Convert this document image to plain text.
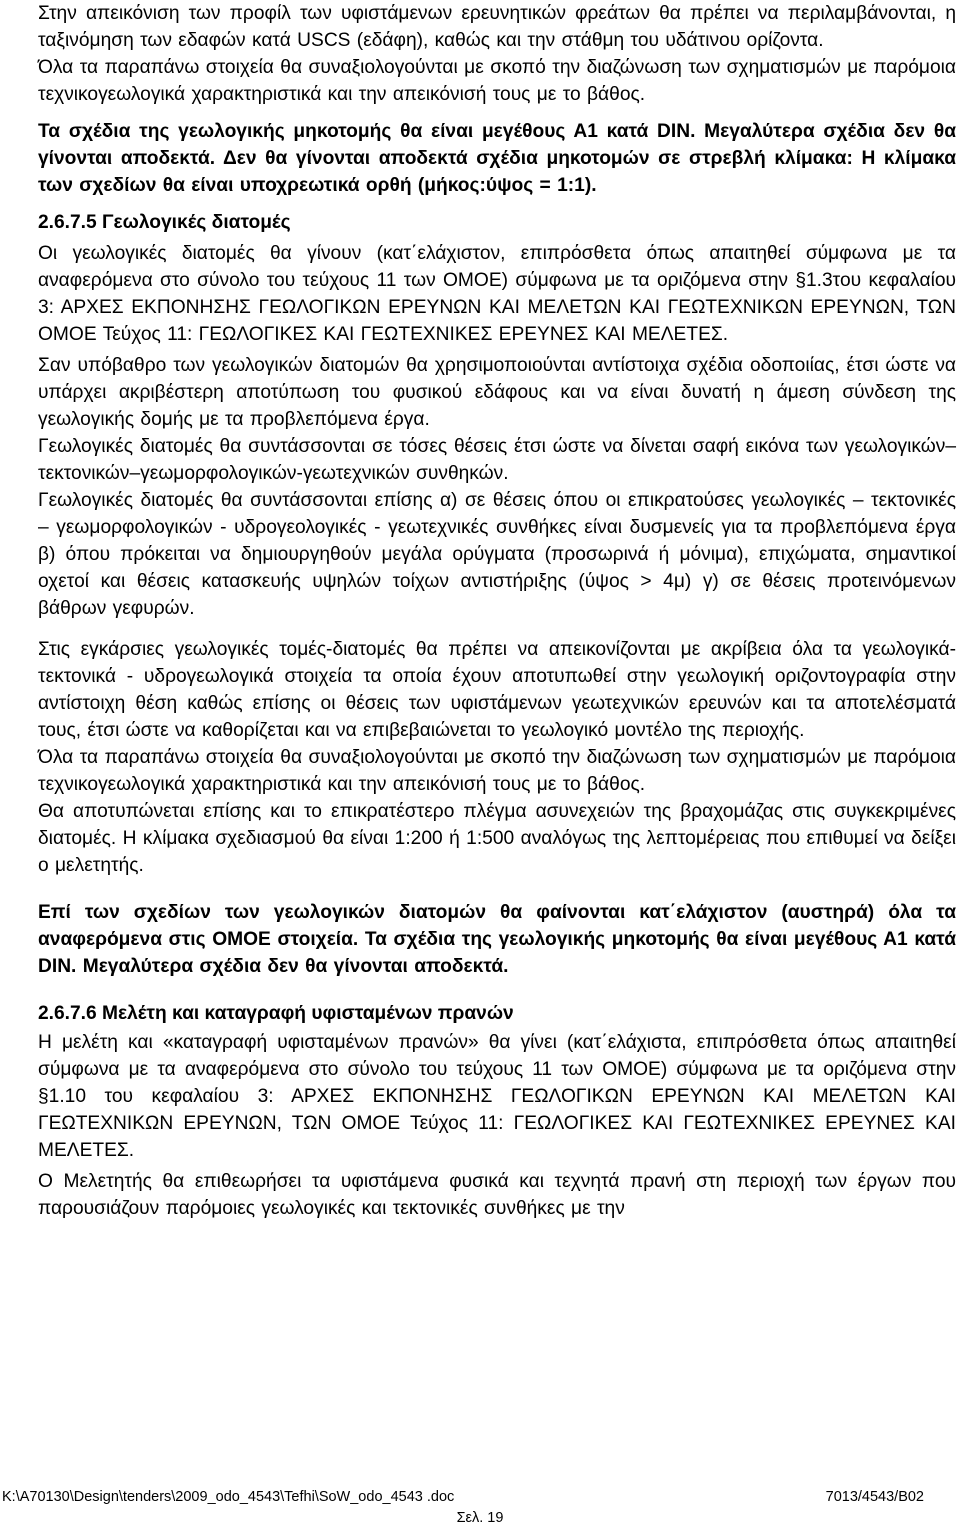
Στην απεικόνιση των προφίλ των υφιστάμενων ερευνητικών φρεάτων θα πρέπει να περιλαμβάνονται, η ταξινόμηση των εδαφών κατά USCS (εδάφη), καθώς και την στάθμη του υδάτινου ορίζοντα.

Όλα τα παραπάνω στοιχεία θα συναξιολογούνται με σκοπό την διαζώνωση των σχηματισμών με παρόμοια τεχνικογεωλογικά χαρακτηριστικά και την απεικόνισή τους με το βάθος.

Τα σχέδια της γεωλογικής μηκοτομής θα είναι μεγέθους Α1 κατά DIN. Μεγαλύτερα σχέδια δεν θα γίνονται αποδεκτά. Δεν θα γίνονται αποδεκτά σχέδια μηκοτομών σε στρεβλή κλίμακα: Η κλίμακα των σχεδίων θα είναι υποχρεωτικά ορθή (μήκος:ύψος = 1:1).

2.6.7.5 Γεωλογικές διατομές

Οι γεωλογικές διατομές θα γίνουν (κατ΄ελάχιστον, επιπρόσθετα όπως απαιτηθεί σύμφωνα με τα αναφερόμενα στο σύνολο του τεύχους 11 των ΟΜΟΕ) σύμφωνα με τα οριζόμενα στην §1.3του κεφαλαίου 3: ΑΡΧΕΣ ΕΚΠΟΝΗΣΗΣ ΓΕΩΛΟΓΙΚΩΝ ΕΡΕΥΝΩΝ ΚΑΙ ΜΕΛΕΤΩΝ ΚΑΙ ΓΕΩΤΕΧΝΙΚΩΝ ΕΡΕΥΝΩΝ, ΤΩΝ ΟΜΟΕ Τεύχος 11: ΓΕΩΛΟΓΙΚΕΣ ΚΑΙ ΓΕΩΤΕΧΝΙΚΕΣ ΕΡΕΥΝΕΣ ΚΑΙ ΜΕΛΕΤΕΣ.

Σαν υπόβαθρο των γεωλογικών διατομών θα χρησιμοποιούνται αντίστοιχα σχέδια οδοποιίας, έτσι ώστε να υπάρχει ακριβέστερη αποτύπωση του φυσικού εδάφους και να είναι δυνατή η άμεση σύνδεση της γεωλογικής δομής με τα προβλεπόμενα έργα.

Γεωλογικές διατομές θα συντάσσονται σε τόσες θέσεις έτσι ώστε να δίνεται σαφή εικόνα των γεωλογικών–τεκτονικών–γεωμορφολογικών-γεωτεχνικών συνθηκών.

Γεωλογικές διατομές θα συντάσσονται επίσης α) σε θέσεις όπου οι επικρατούσες γεωλογικές – τεκτονικές – γεωμορφολογικών - υδρογεολογικές - γεωτεχνικές συνθήκες είναι δυσμενείς για τα προβλεπόμενα έργα β) όπου πρόκειται να δημιουργηθούν μεγάλα ορύγματα (προσωρινά ή μόνιμα), επιχώματα, σημαντικοί οχετοί και θέσεις κατασκευής υψηλών τοίχων αντιστήριξης (ύψος > 4μ) γ) σε θέσεις προτεινόμενων βάθρων γεφυρών.

Στις εγκάρσιες γεωλογικές τομές-διατομές θα πρέπει να απεικονίζονται με ακρίβεια όλα τα γεωλογικά- τεκτονικά - υδρογεωλογικά στοιχεία τα οποία έχουν αποτυπωθεί στην γεωλογική οριζοντογραφία στην αντίστοιχη θέση καθώς επίσης οι θέσεις των υφιστάμενων γεωτεχνικών ερευνών και τα αποτελέσματά τους, έτσι ώστε να καθορίζεται και να επιβεβαιώνεται το γεωλογικό μοντέλο της περιοχής.

Όλα τα παραπάνω στοιχεία θα συναξιολογούνται με σκοπό την διαζώνωση των σχηματισμών με παρόμοια τεχνικογεωλογικά χαρακτηριστικά και την απεικόνισή τους με το βάθος.

Θα αποτυπώνεται επίσης και το επικρατέστερο πλέγμα ασυνεχειών της βραχομάζας στις συγκεκριμένες διατομές. Η κλίμακα σχεδιασμού θα είναι 1:200 ή 1:500 αναλόγως της λεπτομέρειας που επιθυμεί να δείξει ο μελετητής.

Επί των σχεδίων των γεωλογικών διατομών θα φαίνονται κατ΄ελάχιστον (αυστηρά) όλα τα αναφερόμενα στις ΟΜΟΕ στοιχεία. Τα σχέδια της γεωλογικής μηκοτομής θα είναι μεγέθους Α1 κατά DIN. Μεγαλύτερα σχέδια δεν θα γίνονται αποδεκτά.

2.6.7.6 Μελέτη και καταγραφή υφισταμένων πρανών

Η μελέτη και «καταγραφή υφισταμένων πρανών» θα γίνει (κατ΄ελάχιστα, επιπρόσθετα όπως απαιτηθεί σύμφωνα με τα αναφερόμενα στο σύνολο του τεύχους 11 των ΟΜΟΕ) σύμφωνα με τα οριζόμενα στην §1.10 του κεφαλαίου 3: ΑΡΧΕΣ ΕΚΠΟΝΗΣΗΣ ΓΕΩΛΟΓΙΚΩΝ ΕΡΕΥΝΩΝ ΚΑΙ ΜΕΛΕΤΩΝ ΚΑΙ ΓΕΩΤΕΧΝΙΚΩΝ ΕΡΕΥΝΩΝ, ΤΩΝ ΟΜΟΕ Τεύχος 11: ΓΕΩΛΟΓΙΚΕΣ ΚΑΙ ΓΕΩΤΕΧΝΙΚΕΣ ΕΡΕΥΝΕΣ ΚΑΙ ΜΕΛΕΤΕΣ.

Ο Μελετητής θα επιθεωρήσει τα υφιστάμενα φυσικά και τεχνητά πρανή στη περιοχή των έργων που παρουσιάζουν παρόμοιες γεωλογικές και τεκτονικές συνθήκες με την

K:\A70130\Design\tenders\2009_odo_4543\Tefhi\SoW_odo_4543 .doc	7013/4543/B02
Σελ. 19
